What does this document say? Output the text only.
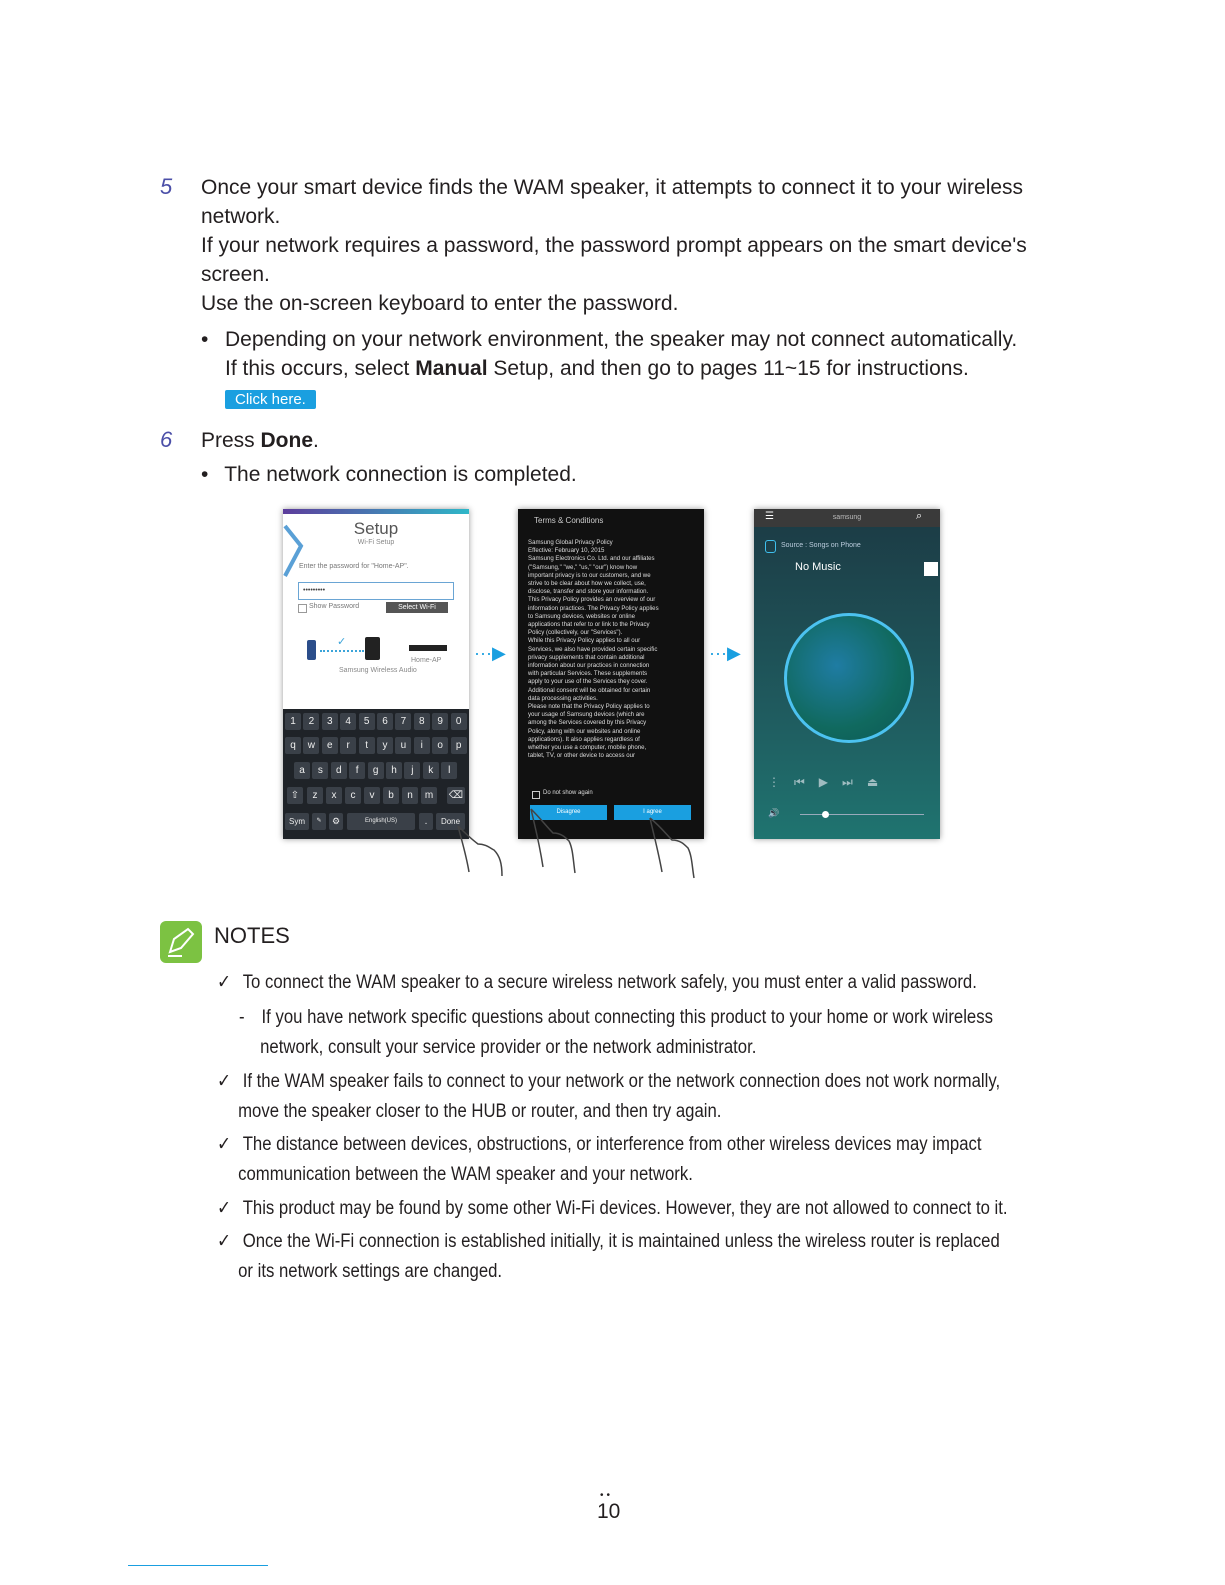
5 Once your smart device finds the WAM speaker, it attempts to connect it to your wireless
network.
If your network requires a password, the password prompt appears on the smart device's
screen.
Use the on-screen keyboard to enter the password.
• Depending on your network environment, the speaker may not connect automatically.
If this occurs, select Manual Setup, and then go to pages 11~15 for instructions.
Click here.
6 Press Done.
• The network connection is completed.
Setup
Wi-Fi Setup
Enter the password for "Home-AP".
•••••••••
Show Password	Select Wi-Fi
✓
Samsung Wireless Audio
Home-AP
1	2	3	4	5	6	7	8	9	0
q	w	e	r	t	y	u	i	o	p
a	s	d	f	g	h	j	k	l
z	x	c	v	b	n	m
⇧	⌫
Sym	✎	⚙	English(US)	.	Done
···▶
Terms & Conditions
Samsung Global Privacy Policy
Effective: February 10, 2015
Samsung Electronics Co. Ltd. and our affiliates
("Samsung," "we," "us," "our") know how
important privacy is to our customers, and we
strive to be clear about how we collect, use,
disclose, transfer and store your information.
This Privacy Policy provides an overview of our
information practices. The Privacy Policy applies
to Samsung devices, websites or online
applications that refer to or link to the Privacy
Policy (collectively, our "Services").
While this Privacy Policy applies to all our
Services, we also have provided certain specific
privacy supplements that contain additional
information about our practices in connection
with particular Services. These supplements
apply to your use of the Services they cover.
Additional consent will be obtained for certain
data processing activities.
Please note that the Privacy Policy applies to
your usage of Samsung devices (which are
among the Services covered by this Privacy
Policy, along with our websites and online
applications). It also applies regardless of
whether you use a computer, mobile phone,
tablet, TV, or other device to access our
Do not show again
Disagree	I agree
···▶
☰	samsung	⌕
Source : Songs on Phone
No Music
⋮⏮▶⏭⏏
🔊
NOTES
✓ To connect the WAM speaker to a secure wireless network safely, you must enter a valid password.
- If you have network specific questions about connecting this product to your home or work wireless
network, consult your service provider or the network administrator.
✓ If the WAM speaker fails to connect to your network or the network connection does not work normally,
move the speaker closer to the HUB or router, and then try again.
✓ The distance between devices, obstructions, or interference from other wireless devices may impact
communication between the WAM speaker and your network.
✓ This product may be found by some other Wi-Fi devices. However, they are not allowed to connect to it.
✓ Once the Wi-Fi connection is established initially, it is maintained unless the wireless router is replaced
or its network settings are changed.
••
10
